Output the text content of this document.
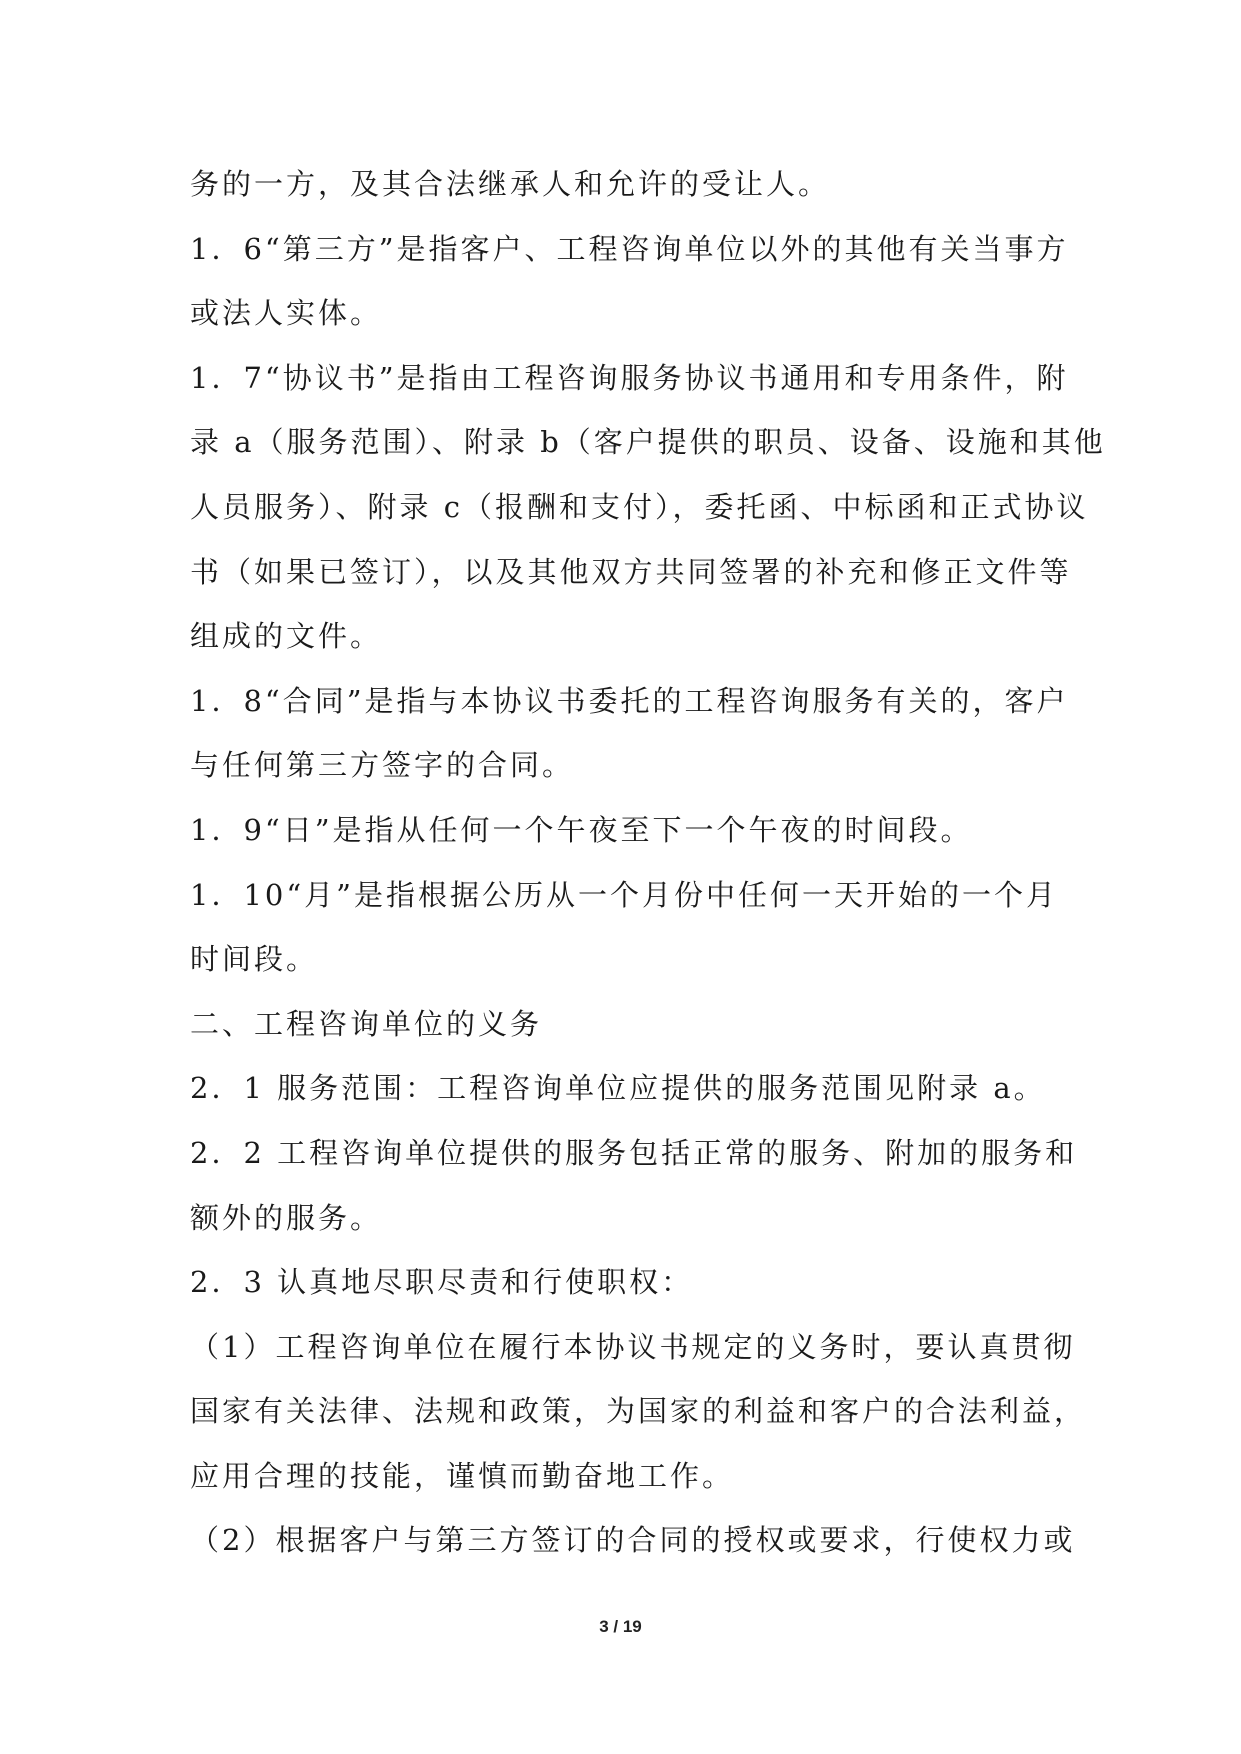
务的一方，及其合法继承人和允许的受让人。
1．6“第三方”是指客户、工程咨询单位以外的其他有关当事方
或法人实体。
1．7“协议书”是指由工程咨询服务协议书通用和专用条件，附
录 a（服务范围）、附录 b（客户提供的职员、设备、设施和其他
人员服务）、附录 c（报酬和支付），委托函、中标函和正式协议
书（如果已签订），以及其他双方共同签署的补充和修正文件等
组成的文件。
1．8“合同”是指与本协议书委托的工程咨询服务有关的，客户
与任何第三方签字的合同。
1．9“日”是指从任何一个午夜至下一个午夜的时间段。
1．10“月”是指根据公历从一个月份中任何一天开始的一个月
时间段。
二、工程咨询单位的义务
2．1 服务范围：工程咨询单位应提供的服务范围见附录 a。
2．2 工程咨询单位提供的服务包括正常的服务、附加的服务和
额外的服务。
2．3 认真地尽职尽责和行使职权：
（1）工程咨询单位在履行本协议书规定的义务时，要认真贯彻
国家有关法律、法规和政策，为国家的利益和客户的合法利益，
应用合理的技能，谨慎而勤奋地工作。
（2）根据客户与第三方签订的合同的授权或要求，行使权力或
3 / 19
